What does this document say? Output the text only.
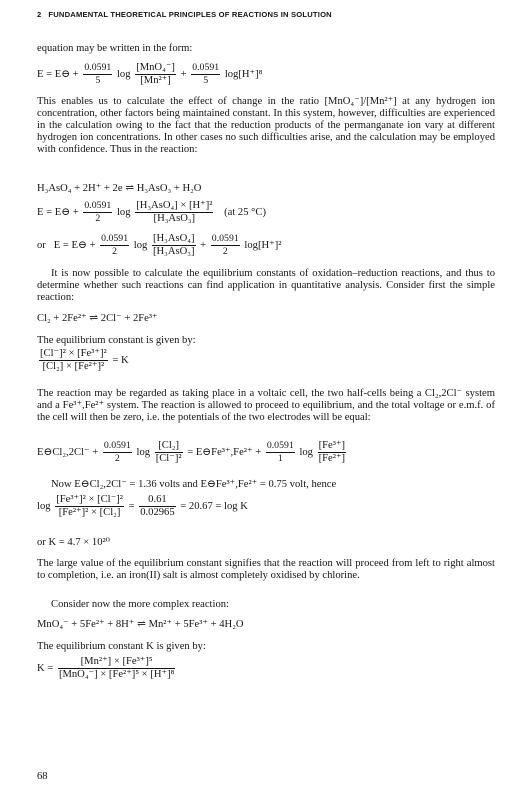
2 FUNDAMENTAL THEORETICAL PRINCIPLES OF REACTIONS IN SOLUTION
equation may be written in the form:
E = E⊖ + $\frac{0.0591}{5}$ $\log \frac{\text{[MnO₄⁻]}}{\text{[Mn²⁺]}} + \frac{0.0591}{5} \log[H^+]^8$
This enables us to calculate the effect of change in the ratio [MnO₄⁻]/[Mn²⁺] at any hydrogen ion concentration, other factors being maintained constant. In this system, however, difficulties are experienced in the calculation owing to the fact that the reduction products of the permanganate ion vary at different hydrogen ion concentrations. In other cases no such difficulties arise, and the calculation may be employed with confidence. Thus in the reaction:
H₃AsO₄ + 2H⁺ + 2e ⇌ H₃AsO₃ + H₂O
E = E⊖ + $\frac{0.0591}{2}$ $\log \frac{\text{[H₃AsO₄] × [H⁺]²}}{\text{[H₃AsO₃]}} (at$ 25 °C)
or E = E⊖ + $\frac{0.0591}{2}$ $\log \frac{\text{[H₃AsO₄]}}{\text{[H₃AsO₃]}} + \frac{0.0591}{2} \log[H^+]^2$
It is now possible to calculate the equilibrium constants of oxidation–reduction reactions, and thus to determine whether such reactions can find application in quantitative analysis. Consider first the simple reaction:
Cl₂ + 2Fe²⁺ ⇌ 2Cl⁻ + 2Fe³⁺
The equilibrium constant is given by:
$\frac{\text{[Cl⁻]² × [Fe³⁺]²}}{\text{[Cl₂] × [Fe²⁺]²}} = K$
The reaction may be regarded as taking place in a voltaic cell, the two half-cells being a Cl₂,2Cl⁻ system and a Fe³⁺,Fe²⁺ system. The reaction is allowed to proceed to equilibrium, and the total voltage or e.m.f. of the cell will then be zero, i.e. the potentials of the two electrodes will be equal:
E⊖Cl₂,2Cl⁻ + $\frac{0.0591}{2}$ $\log \frac{\text{[Cl₂]}}{\text{[Cl⁻]²}}$ = E⊖Fe³⁺,Fe²⁺ + $\frac{0.0591}{1}$ $\log \frac{\text{[Fe³⁺]}}{\text{[Fe²⁺]}}$
Now E⊖Cl₂,2Cl⁻ = 1.36 volts and E⊖Fe³⁺,Fe²⁺ = 0.75 volt, hence
$\log \frac{\text{[Fe³⁺]² × [Cl⁻]²}}{\text{[Fe²⁺]² × [Cl₂]}} = \frac{0.61}{0.02965} = 20.67 = \log K$
or K = 4.7 × 10²⁰
The large value of the equilibrium constant signifies that the reaction will proceed from left to right almost to completion, i.e. an iron(II) salt is almost completely oxidised by chlorine.
Consider now the more complex reaction:
MnO₄⁻ + 5Fe²⁺ + 8H⁺ ⇌ Mn²⁺ + 5Fe³⁺ + 4H₂O
The equilibrium constant K is given by:
$K = \frac{\text{[Mn²⁺] × [Fe³⁺]⁵}}{\text{[MnO₄⁻] × [Fe²⁺]⁵ × [H⁺]⁸}}$
68
